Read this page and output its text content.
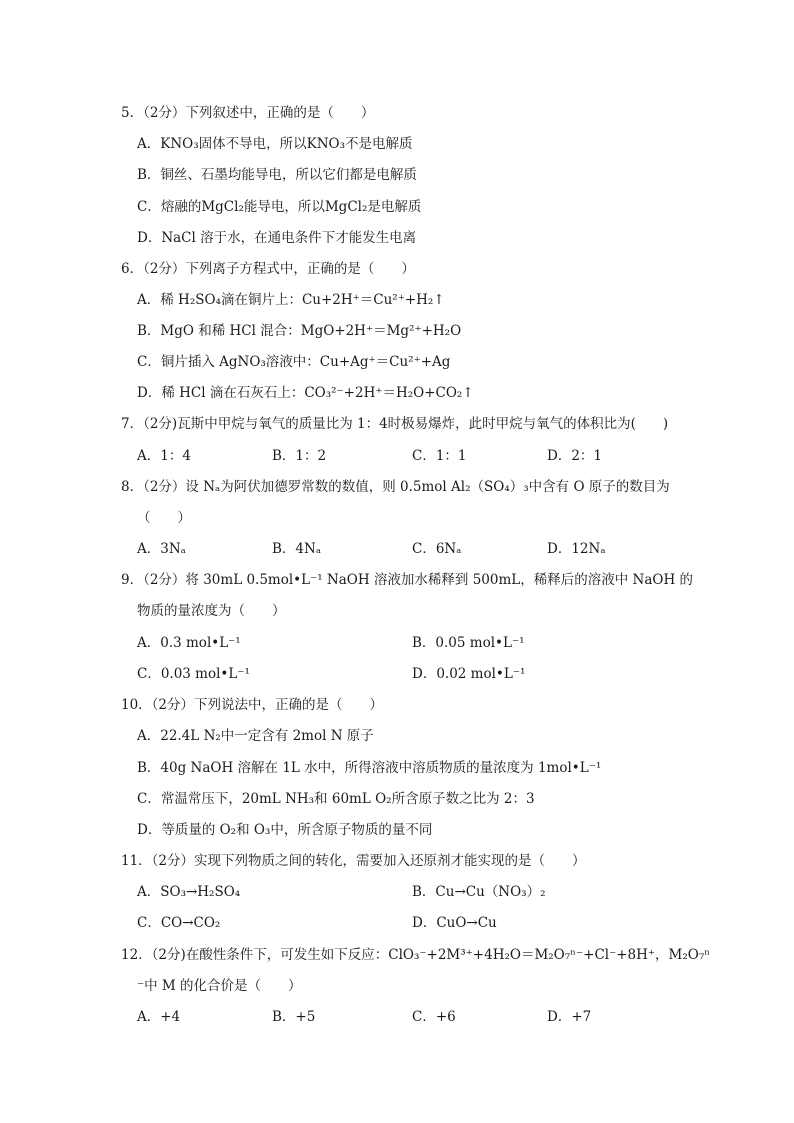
5．（2分）下列叙述中，正确的是（　　）
A．KNO₃固体不导电，所以KNO₃不是电解质
B．铜丝、石墨均能导电，所以它们都是电解质
C．熔融的MgCl₂能导电，所以MgCl₂是电解质
D．NaCl 溶于水，在通电条件下才能发生电离
6．（2分）下列离子方程式中，正确的是（　　）
A．稀 H₂SO₄滴在铜片上：Cu+2H⁺＝Cu²⁺+H₂↑
B．MgO 和稀 HCl 混合：MgO+2H⁺＝Mg²⁺+H₂O
C．铜片插入 AgNO₃溶液中：Cu+Ag⁺＝Cu²⁺+Ag
D．稀 HCl 滴在石灰石上：CO₃²⁻+2H⁺＝H₂O+CO₂↑
7．（2分)瓦斯中甲烷与氧气的质量比为 1：4时极易爆炸，此时甲烷与氧气的体积比为(　　)
A．1：4	B．1：2	C．1：1	D．2：1
8．（2分）设 Nₐ为阿伏加德罗常数的数值，则 0.5mol Al₂（SO₄）₃中含有 O 原子的数目为
（　　）
A．3Nₐ	B．4Nₐ	C．6Nₐ	D．12Nₐ
9．（2分）将 30mL 0.5mol•L⁻¹ NaOH 溶液加水稀释到 500mL，稀释后的溶液中 NaOH 的
物质的量浓度为（　　）
A．0.3 mol•L⁻¹	B．0.05 mol•L⁻¹
C．0.03 mol•L⁻¹	D．0.02 mol•L⁻¹
10．（2分）下列说法中，正确的是（　　）
A．22.4L N₂中一定含有 2mol N 原子
B．40g NaOH 溶解在 1L 水中，所得溶液中溶质物质的量浓度为 1mol•L⁻¹
C．常温常压下，20mL NH₃和 60mL O₂所含原子数之比为 2：3
D．等质量的 O₂和 O₃中，所含原子物质的量不同
11．（2分）实现下列物质之间的转化，需要加入还原剂才能实现的是（　　）
A．SO₃→H₂SO₄	B．Cu→Cu（NO₃）₂
C．CO→CO₂	D．CuO→Cu
12．（2分)在酸性条件下，可发生如下反应：ClO₃⁻+2M³⁺+4H₂O＝M₂O₇ⁿ⁻+Cl⁻+8H⁺，M₂O₇ⁿ
⁻中 M 的化合价是（　　）
A．+4	B．+5	C．+6	D．+7
